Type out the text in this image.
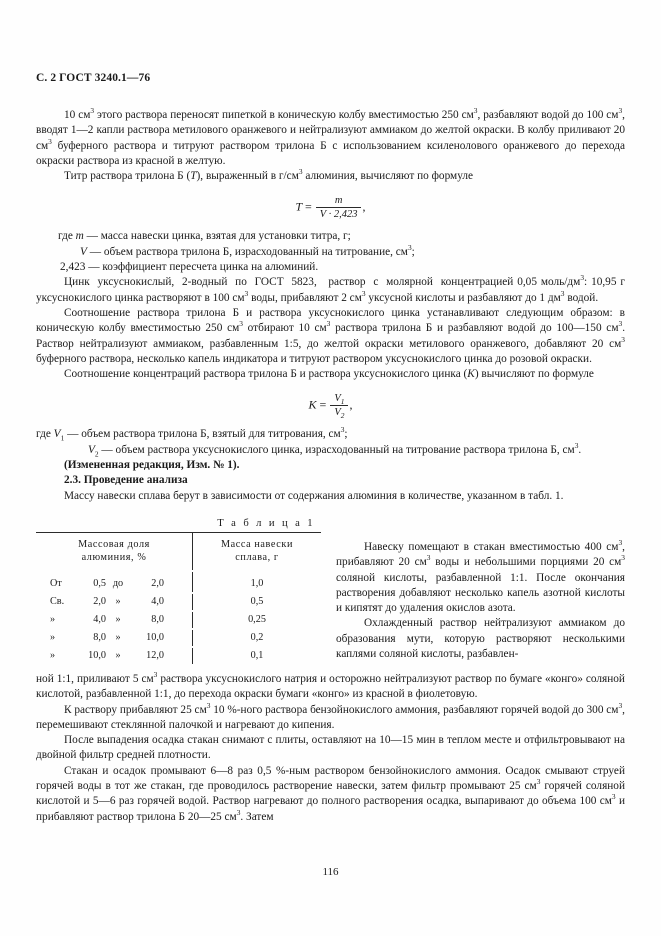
С. 2 ГОСТ 3240.1—76

10 $см^3$ этого раствора переносят пипеткой в коническую колбу вместимостью 250 $см^3$, разбавляют водой до 100 $см^3$, вводят 1—2 капли раствора метилового оранжевого и нейтрализуют аммиаком до желтой окраски. В колбу приливают 20 $см^3$ буферного раствора и титруют раствором трилона Б с использованием ксиленолового оранжевого до перехода окраски раствора из красной в желтую.

Титр раствора трилона Б (Т), выраженный в $г/см^3$ алюминия, вычисляют по формуле

$T = \frac{m}{V \cdot 2,423}$ ,

где m — масса навески цинка, взятая для установки титра, г;

V — объем раствора трилона Б, израсходованный на титрование, $см^3$;

2,423 — коэффициент пересчета цинка на алюминий.

Цинк  уксуснокислый,  2-водный  по  ГОСТ  5823,   раствор  с  молярной  концентрацией 0,05 моль/$дм^3$: 10,95 г уксуснокислого цинка растворяют в 100 $см^3$ воды, прибавляют 2 $см^3$ уксусной кислоты и разбавляют до 1 $дм^3$ водой.

Соотношение раствора трилона Б и раствора уксуснокислого цинка устанавливают следующим образом: в коническую колбу вместимостью 250 $см^3$ отбирают 10 $см^3$ раствора трилона Б и разбавляют водой до 100—150 $см^3$. Раствор нейтрализуют аммиаком, разбавленным 1:5, до желтой окраски метилового оранжевого, добавляют 20 $см^3$ буферного раствора, несколько капель индикатора и титруют раствором уксуснокислого цинка до розовой окраски.

Соотношение концентраций раствора трилона Б и раствора уксуснокислого цинка (K) вычисляют по формуле

$K = \frac{V_1}{V_2}$ ,

где $V_1$ — объем раствора трилона Б, взятый для титрования, $см^3$;

$V_2$ — объем раствора уксуснокислого цинка, израсходованный на титрование раствора трилона Б, $см^3$.

(Измененная редакция, Изм. № 1).

2.3. Проведение анализа

Массу навески сплава берут в зависимости от содержания алюминия в количестве, указанном в табл. 1.

Т а б л и ц а 1
Массовая доля
алюминия, %	Масса навески
сплава, г
От 0,5 до 2,0	1,0
Св. 2,0 » 4,0	0,5
» 4,0 » 8,0	0,25
» 8,0 » 10,0	0,2
» 10,0 » 12,0	0,1

Навеску помещают в стакан вместимостью 400 $см^3$, прибавляют 20 $см^3$ воды и небольшими порциями 20 $см^3$ соляной кислоты, разбавленной 1:1. После окончания растворения добавляют несколько капель азотной кислоты и кипятят до удаления окислов азота.

Охлажденный раствор нейтрализуют аммиаком до образования мути, которую растворяют несколькими каплями соляной кислоты, разбавлен-

ной 1:1, приливают 5 $см^3$ раствора уксуснокислого натрия и осторожно нейтрализуют раствор по бумаге «конго» соляной кислотой, разбавленной 1:1, до перехода окраски бумаги «конго» из красной в фиолетовую.

К раствору прибавляют 25 $см^3$ 10 %-ного раствора бензойнокислого аммония, разбавляют горячей водой до 300 $см^3$, перемешивают стеклянной палочкой и нагревают до кипения.

После выпадения осадка стакан снимают с плиты, оставляют на 10—15 мин в теплом месте и отфильтровывают на двойной фильтр средней плотности.

Стакан и осадок промывают 6—8 раз 0,5 %-ным раствором бензойнокислого аммония. Осадок смывают струей горячей воды в тот же стакан, где проводилось растворение навески, затем фильтр промывают 25 $см^3$ горячей соляной кислотой и 5—6 раз горячей водой. Раствор нагревают до полного растворения осадка, выпаривают до объема 100 $см^3$ и прибавляют раствор трилона Б 20—25 $см^3$. Затем

116
